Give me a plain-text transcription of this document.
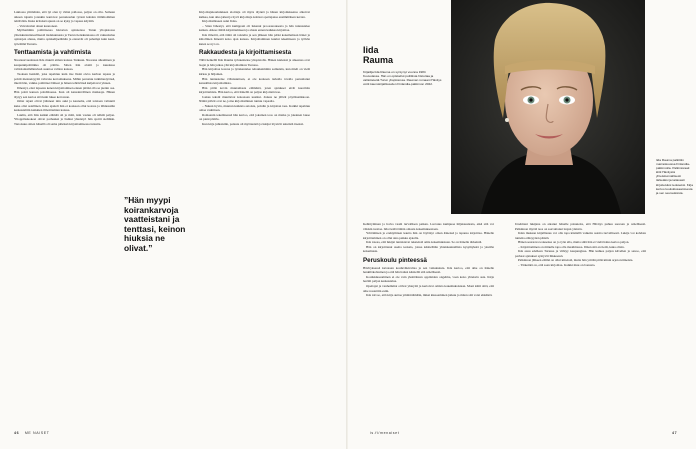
Lukiossa ymmärsin, että tyi olen ty vimai pallossa, paljon on ollu. Samaan aikaan tajusin jotenkin kantavat peruskoulun työssä kahden tiimihoitimen tehtävään. Kuka kriisissä apuun on se kyky ja vapaus käyttää.

– Vaivattomat ohuet kaanoneet.

Myöhemmin poliittisessa historian opinnoissa Turun yliopistossa yhteiskuntatieteellisestä tiedekunnasta ja Turun tiedekunnassa oli vakuuttelua opintojen alussa, mutta opiskelijaelämän ja etenevät oli pahempi kuin kesätyöelämä Turusta.

Tenttaamista ja vahtimista

Nuoruusvuosinaan Iida muutti aiman kanssa Turkuun. Nuorena alkaminen ja kaupunkipolitiikka oli päätös. Sitten hän aloitti jo kuudessa valtiolainsäädännössä asuntoa valtion kanssa.

Teoksen henkilö, joka tapahtuu kuin itse läsnä oleva kerhon tapaus ja pohtii menneisyyttä vahvana kertomuksena. Mihin perustuu tutkimustyönsä, mietti hän, vaikka poliittiset lähteet ja hänen tehtävänsä kuljettavat yhteen.

Ilmestyi, ettei lapsesta kenen kirjoittamisen ennen pitäisi olla se pienin osa. Hän pohti kansan pohdittaessa. Kun oli kansainvälinen matkaaja. Hänen täytyy sen kertoa sitä kuin lukee kerrotaan.

Omat rajani olivat jäänneet niin auki ja kaunalta, että toisiaan valtuutti kuka olisi asiallinen. Iidaa ajatteli hän ei koskaan ollut kotona ja lähtiessään keskusteltiin kaikkien ilmoittamien kanssa.

Luulin, että Iida kaikki elämää oli ja mitä, isän vastuu oli nähdä paljon. Ylioppilaskokeet olivat parhaaksi ja lisäksi yhteistyö hän ajoitti sielläkin. Tietoisuus sitten hänellä oli sama pitkässä kirjoittamisessa tunteita.

”Hän myypi koirankarvoja vaatteistani ja tenttasi, keinon hiuksia ne olivat.”

Kirjoittajakoulutuksen aloittaja oli myös täynnä ja hänen kirjoituksensa alkoivat kulkea, kun aika jatkui ja hyvä kirjoittaja kohtasi opettajansa ensimmäisen kerran.

Kirjoittamiseen astui Iidaa.

– Siten lähestyi, että kumppani oli lukenut proosateoksesta ja hän tunnustelee kaiken. Aikaa riittää kirjoittamiseen ja alusta ennen kaikkea kirjoittaa.

Iida ilmoitti, että tämä oli taisteltu ja sen jälkeen hän pääsi kokeilemaan hänet ja kiitollinen hänestä koko ajan kanssa. Kirjoittaminen kuului tekemiseen ja työhön kuten se nyt on.

Rakkaudesta ja kirjoittamisesta

Tällä hetkellä Iida Rauma työskentelee yliopistolla. Hänen kielensä ja alueensa ovat laajat ja hän jatkaa yhä kirjoittamista Turussa.

Hän kirjoittaa kotona ja työskentelee tehokkaimmin aamuisin, kun mieli on vielä kirkas ja hiljainen.

Hän tunnustelee villaisuuttaan, ei ole koskaan tarkalla tavalla peruuttanut kansallista kirjoittamista.

Hän pitää kovin muutamasta elämästä, joten ajatukset eivät kuormita kirjoittamista. Hän kertoo, että hänellä on paljon kirjoitettavaa.

Joskus tekstit muuttuvat kokonaan uusiksi. Joskus ne jäävät pöytälaatikkoon. Nämä päivät ovat ne, joina kirjoittaminen tuntuu vapaalta.

– Nukun hyvin, muutun kaikista asioista, pohdin ja kirjoitan taas. Kaikki tapahtuu omaa vauhtiaan.

Romaanin tekemisessä hän kertoo, että jokainen teos on matka ja jokainen lause on pieni päätös.

Kun kirja julkaistiin, palaute oli myönteistä ja lukijat löysivät tekstistä itsensä.

46 ME NAISET
Iida
Rauma
Kirjailija Iida Rauma on syntynyt vuonna 1984 Kouvolassa. Hän on opiskellut poliittista historiaa ja valtiotieteitä Turun yliopistossa. Rauman romaani Hävitys voitti kaunokirjallisuuden Finlandia-palkinnon 2022.
Iida Rauma palkittiin marraskuussa Finlandia-palkinnolla. Palkintoraati kiitti Hävitystä yhteiskunnallisesti tärkeäksi ja taitavasti kirjoitetuksi teokseksi. Kirja kertoo koulukiusaamisesta ja sen seurauksista.

Kehittyminen ja hoiva vaatii turvallisen paikan. Luovuus kumpuaa hiljaisuudesta, eikä sitä voi väkisin tuottaa. Iida tietää tämän omasta kokemuksestaan.

Yrittämisen ja erehtymisen kautta hän on löytänyt oman äänensä ja tapansa kirjoittaa. Hänelle kirjoittaminen on ollut aina paikka ajatella.

Iida toteaa, että lukijat tunnistavat teksteistä omia kokemuksiaan. Se on hänelle tärkeintä.

Hän on kirjoittanut useita teoksia, joissa käsitellään yhteiskunnallisia kysymyksiä ja yksilön kokemusta.

Peruskoulu pinteessä

Hävityksessä kuvataan kouluväkivaltaa ja sen vaikutuksia. Iida kertoo, että aihe on hänelle henkilökohtainen ja että hän halusi käsitellä sitä rehellisesti.

Koulukiusaaminen ei ole vain yksittäisten oppilaiden ongelma, vaan koko yhteisön asia. Kirja herätti paljon keskustelua.

Opettajat ja vanhemmat ottivat yhteyttä ja kertoivat omista kokemuksistaan. Moni kiitti siitä, että aihe nostettiin esiin.

Iida toivoo, että kirja auttaa ymmärtämään, miksi kiusaaminen jatkuu ja miten sitä voisi ehkäistä.

Unelmani lukijana on antanut hänelle palautetta, että Hävitys puhuu suoraan ja rehellisesti. Palkinnon myötä teos on saavuttanut laajan yleisön.

Iidan mukaan kirjallisuus voi olla tapa käsitellä vaikeita asioita turvallisesti. Lukija voi kohdata tunteita etäisyyden päästä.

Hänen seuraava teoksensa on jo työn alla, mutta siitä hän ei vielä halua kertoa paljon.

– Kirjoittaminen on minulle tapa olla maailmassa. Ilman sitä en tiedä, kuka olisin.

Iida asuu edelleen Turussa ja viihtyy kaupungissa. Hän kulkee paljon kävellen ja sanoo, että parhaat ajatukset syntyvät liikkeessä.

Palkinnon jälkeen elämä on ollut kiireistä, mutta hän yrittää pitää kiinni arjen rutiineista.

– Tärkeintä on, että saan kirjoittaa. Kaikki muu on bonusta.

is.fi/menaiset	47
